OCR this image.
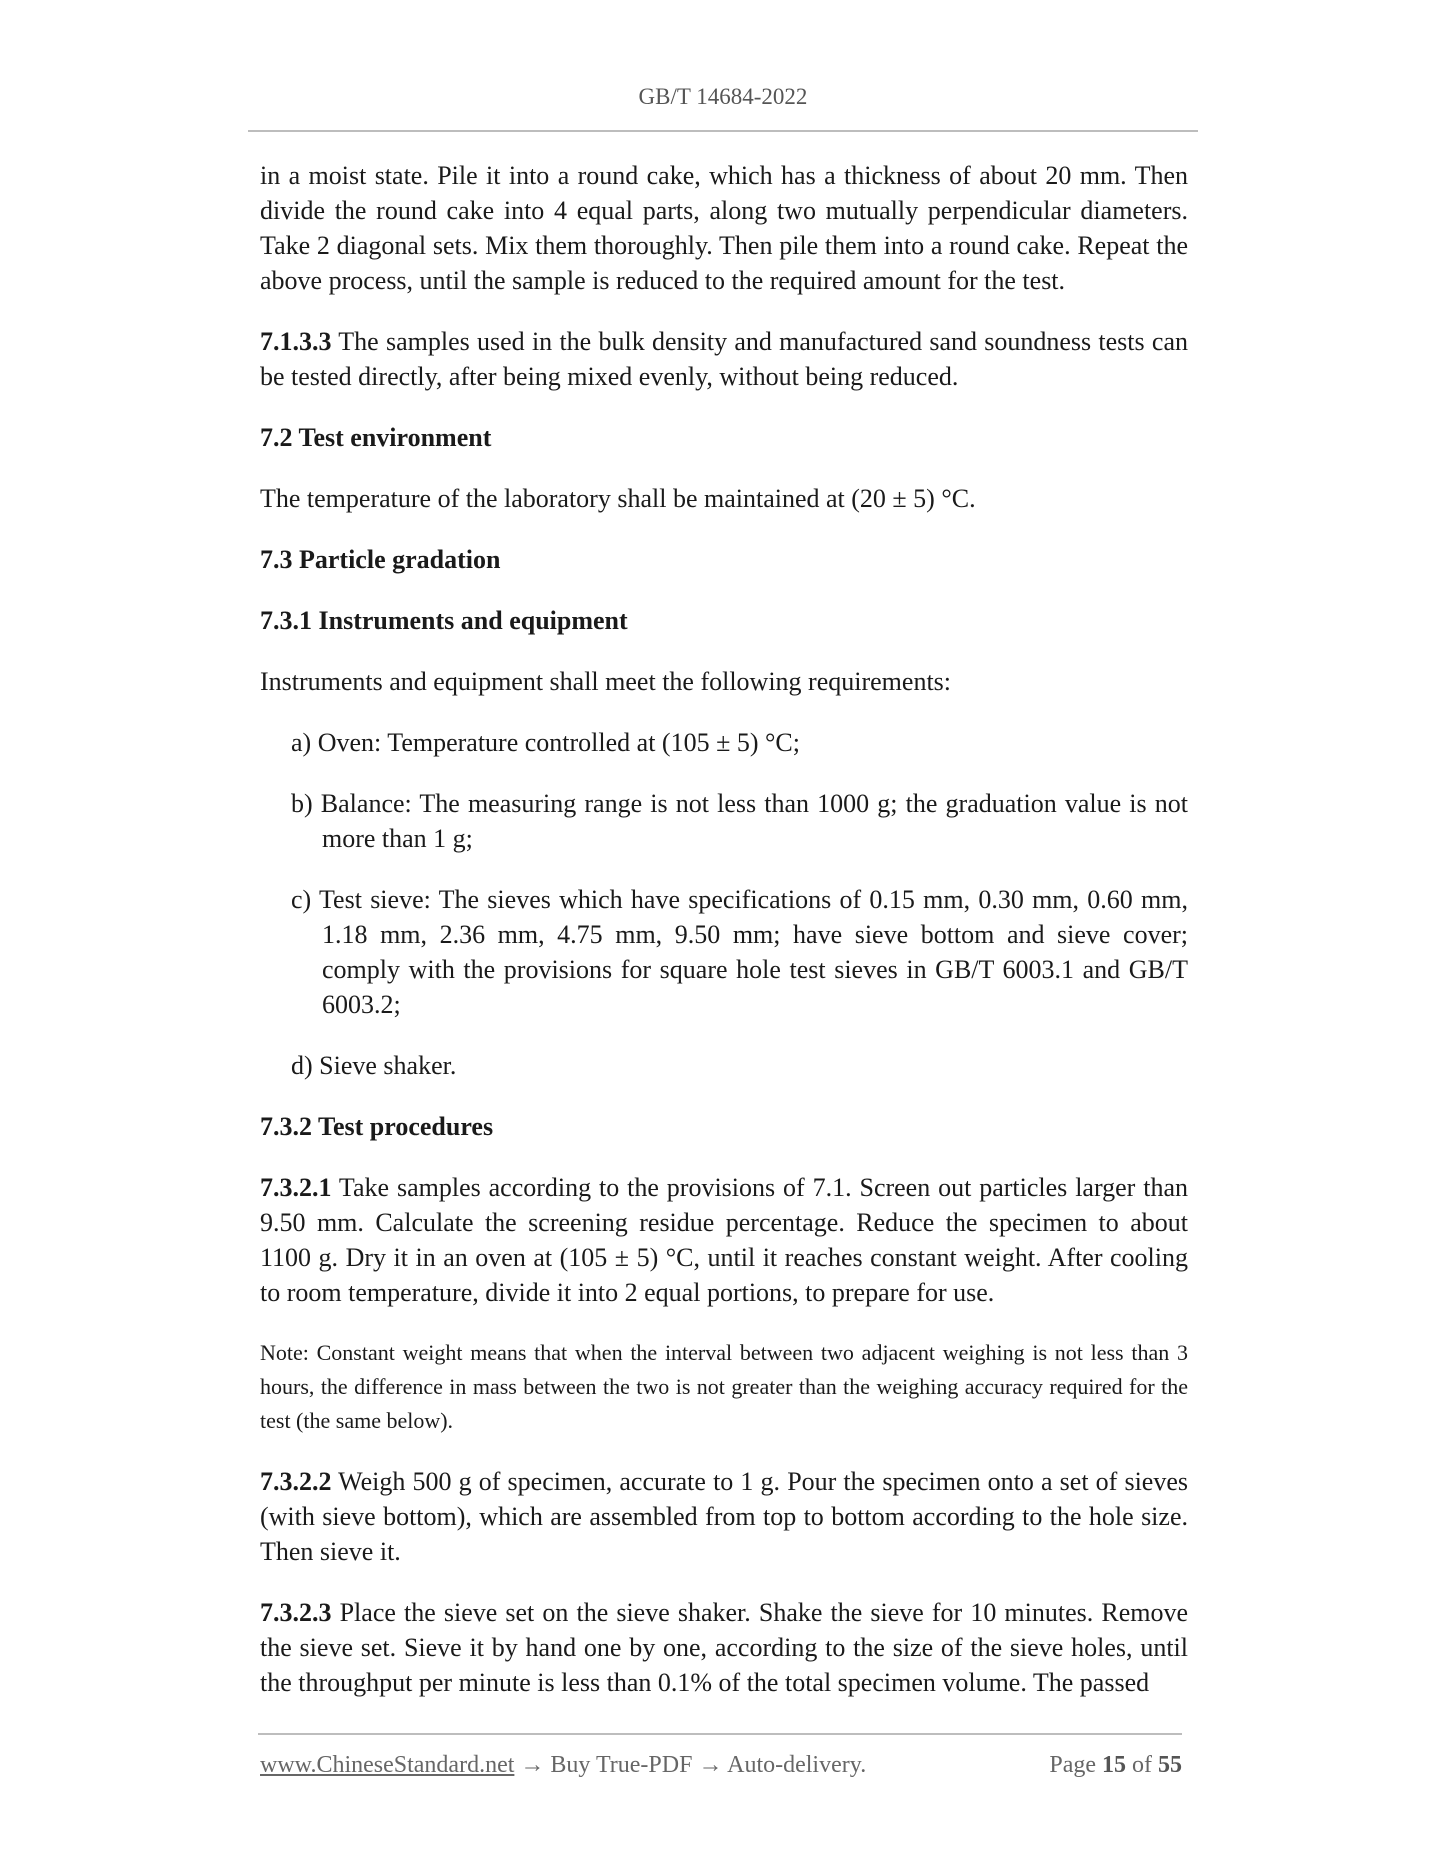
GB/T 14684-2022

in a moist state. Pile it into a round cake, which has a thickness of about 20 mm. Then divide the round cake into 4 equal parts, along two mutually perpendicular diameters. Take 2 diagonal sets. Mix them thoroughly. Then pile them into a round cake. Repeat the above process, until the sample is reduced to the required amount for the test.

7.1.3.3 The samples used in the bulk density and manufactured sand soundness tests can be tested directly, after being mixed evenly, without being reduced.

7.2 Test environment

The temperature of the laboratory shall be maintained at (20 ± 5) °C.

7.3 Particle gradation

7.3.1 Instruments and equipment

Instruments and equipment shall meet the following requirements:

a) Oven: Temperature controlled at (105 ± 5) °C;

b) Balance: The measuring range is not less than 1000 g; the graduation value is not more than 1 g;

c) Test sieve: The sieves which have specifications of 0.15 mm, 0.30 mm, 0.60 mm, 1.18 mm, 2.36 mm, 4.75 mm, 9.50 mm; have sieve bottom and sieve cover; comply with the provisions for square hole test sieves in GB/T 6003.1 and GB/T 6003.2;

d) Sieve shaker.

7.3.2 Test procedures

7.3.2.1 Take samples according to the provisions of 7.1. Screen out particles larger than 9.50 mm. Calculate the screening residue percentage. Reduce the specimen to about 1100 g. Dry it in an oven at (105 ± 5) °C, until it reaches constant weight. After cooling to room temperature, divide it into 2 equal portions, to prepare for use.

Note: Constant weight means that when the interval between two adjacent weighing is not less than 3 hours, the difference in mass between the two is not greater than the weighing accuracy required for the test (the same below).

7.3.2.2 Weigh 500 g of specimen, accurate to 1 g. Pour the specimen onto a set of sieves (with sieve bottom), which are assembled from top to bottom according to the hole size. Then sieve it.

7.3.2.3 Place the sieve set on the sieve shaker. Shake the sieve for 10 minutes. Remove the sieve set. Sieve it by hand one by one, according to the size of the sieve holes, until the throughput per minute is less than 0.1% of the total specimen volume. The passed

www.ChineseStandard.net → Buy True-PDF → Auto-delivery.	Page 15 of 55
